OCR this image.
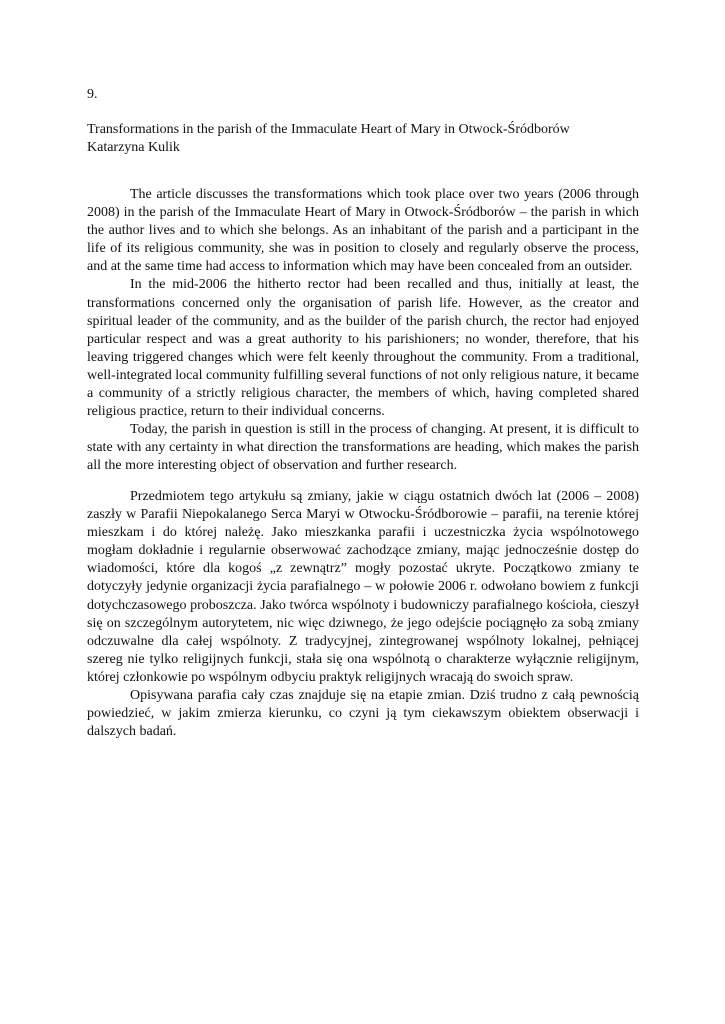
9.
Transformations in the parish of the Immaculate Heart of Mary in Otwock-Śródborów
Katarzyna Kulik

The article discusses the transformations which took place over two years (2006 through 2008) in the parish of the Immaculate Heart of Mary in Otwock-Śródborów – the parish in which the author lives and to which she belongs. As an inhabitant of the parish and a participant in the life of its religious community, she was in position to closely and regularly observe the process, and at the same time had access to information which may have been concealed from an outsider.

In the mid-2006 the hitherto rector had been recalled and thus, initially at least, the transformations concerned only the organisation of parish life. However, as the creator and spiritual leader of the community, and as the builder of the parish church, the rector had enjoyed particular respect and was a great authority to his parishioners; no wonder, therefore, that his leaving triggered changes which were felt keenly throughout the community. From a traditional, well-integrated local community fulfilling several functions of not only religious nature, it became a community of a strictly religious character, the members of which, having completed shared religious practice, return to their individual concerns.

Today, the parish in question is still in the process of changing. At present, it is difficult to state with any certainty in what direction the transformations are heading, which makes the parish all the more interesting object of observation and further research.

Przedmiotem tego artykułu są zmiany, jakie w ciągu ostatnich dwóch lat (2006 – 2008) zaszły w Parafii Niepokalanego Serca Maryi w Otwocku-Śródborowie – parafii, na terenie której mieszkam i do której należę. Jako mieszkanka parafii i uczestniczka życia wspólnotowego mogłam dokładnie i regularnie obserwować zachodzące zmiany, mając jednocześnie dostęp do wiadomości, które dla kogoś „z zewnątrz” mogły pozostać ukryte. Początkowo zmiany te dotyczyły jedynie organizacji życia parafialnego – w połowie 2006 r. odwołano bowiem z funkcji dotychczasowego proboszcza. Jako twórca wspólnoty i budowniczy parafialnego kościoła, cieszył się on szczególnym autorytetem, nic więc dziwnego, że jego odejście pociągnęło za sobą zmiany odczuwalne dla całej wspólnoty. Z tradycyjnej, zintegrowanej wspólnoty lokalnej, pełniącej szereg nie tylko religijnych funkcji, stała się ona wspólnotą o charakterze wyłącznie religijnym, której członkowie po wspólnym odbyciu praktyk religijnych wracają do swoich spraw.

Opisywana parafia cały czas znajduje się na etapie zmian. Dziś trudno z całą pewnością powiedzieć, w jakim zmierza kierunku, co czyni ją tym ciekawszym obiektem obserwacji i dalszych badań.
